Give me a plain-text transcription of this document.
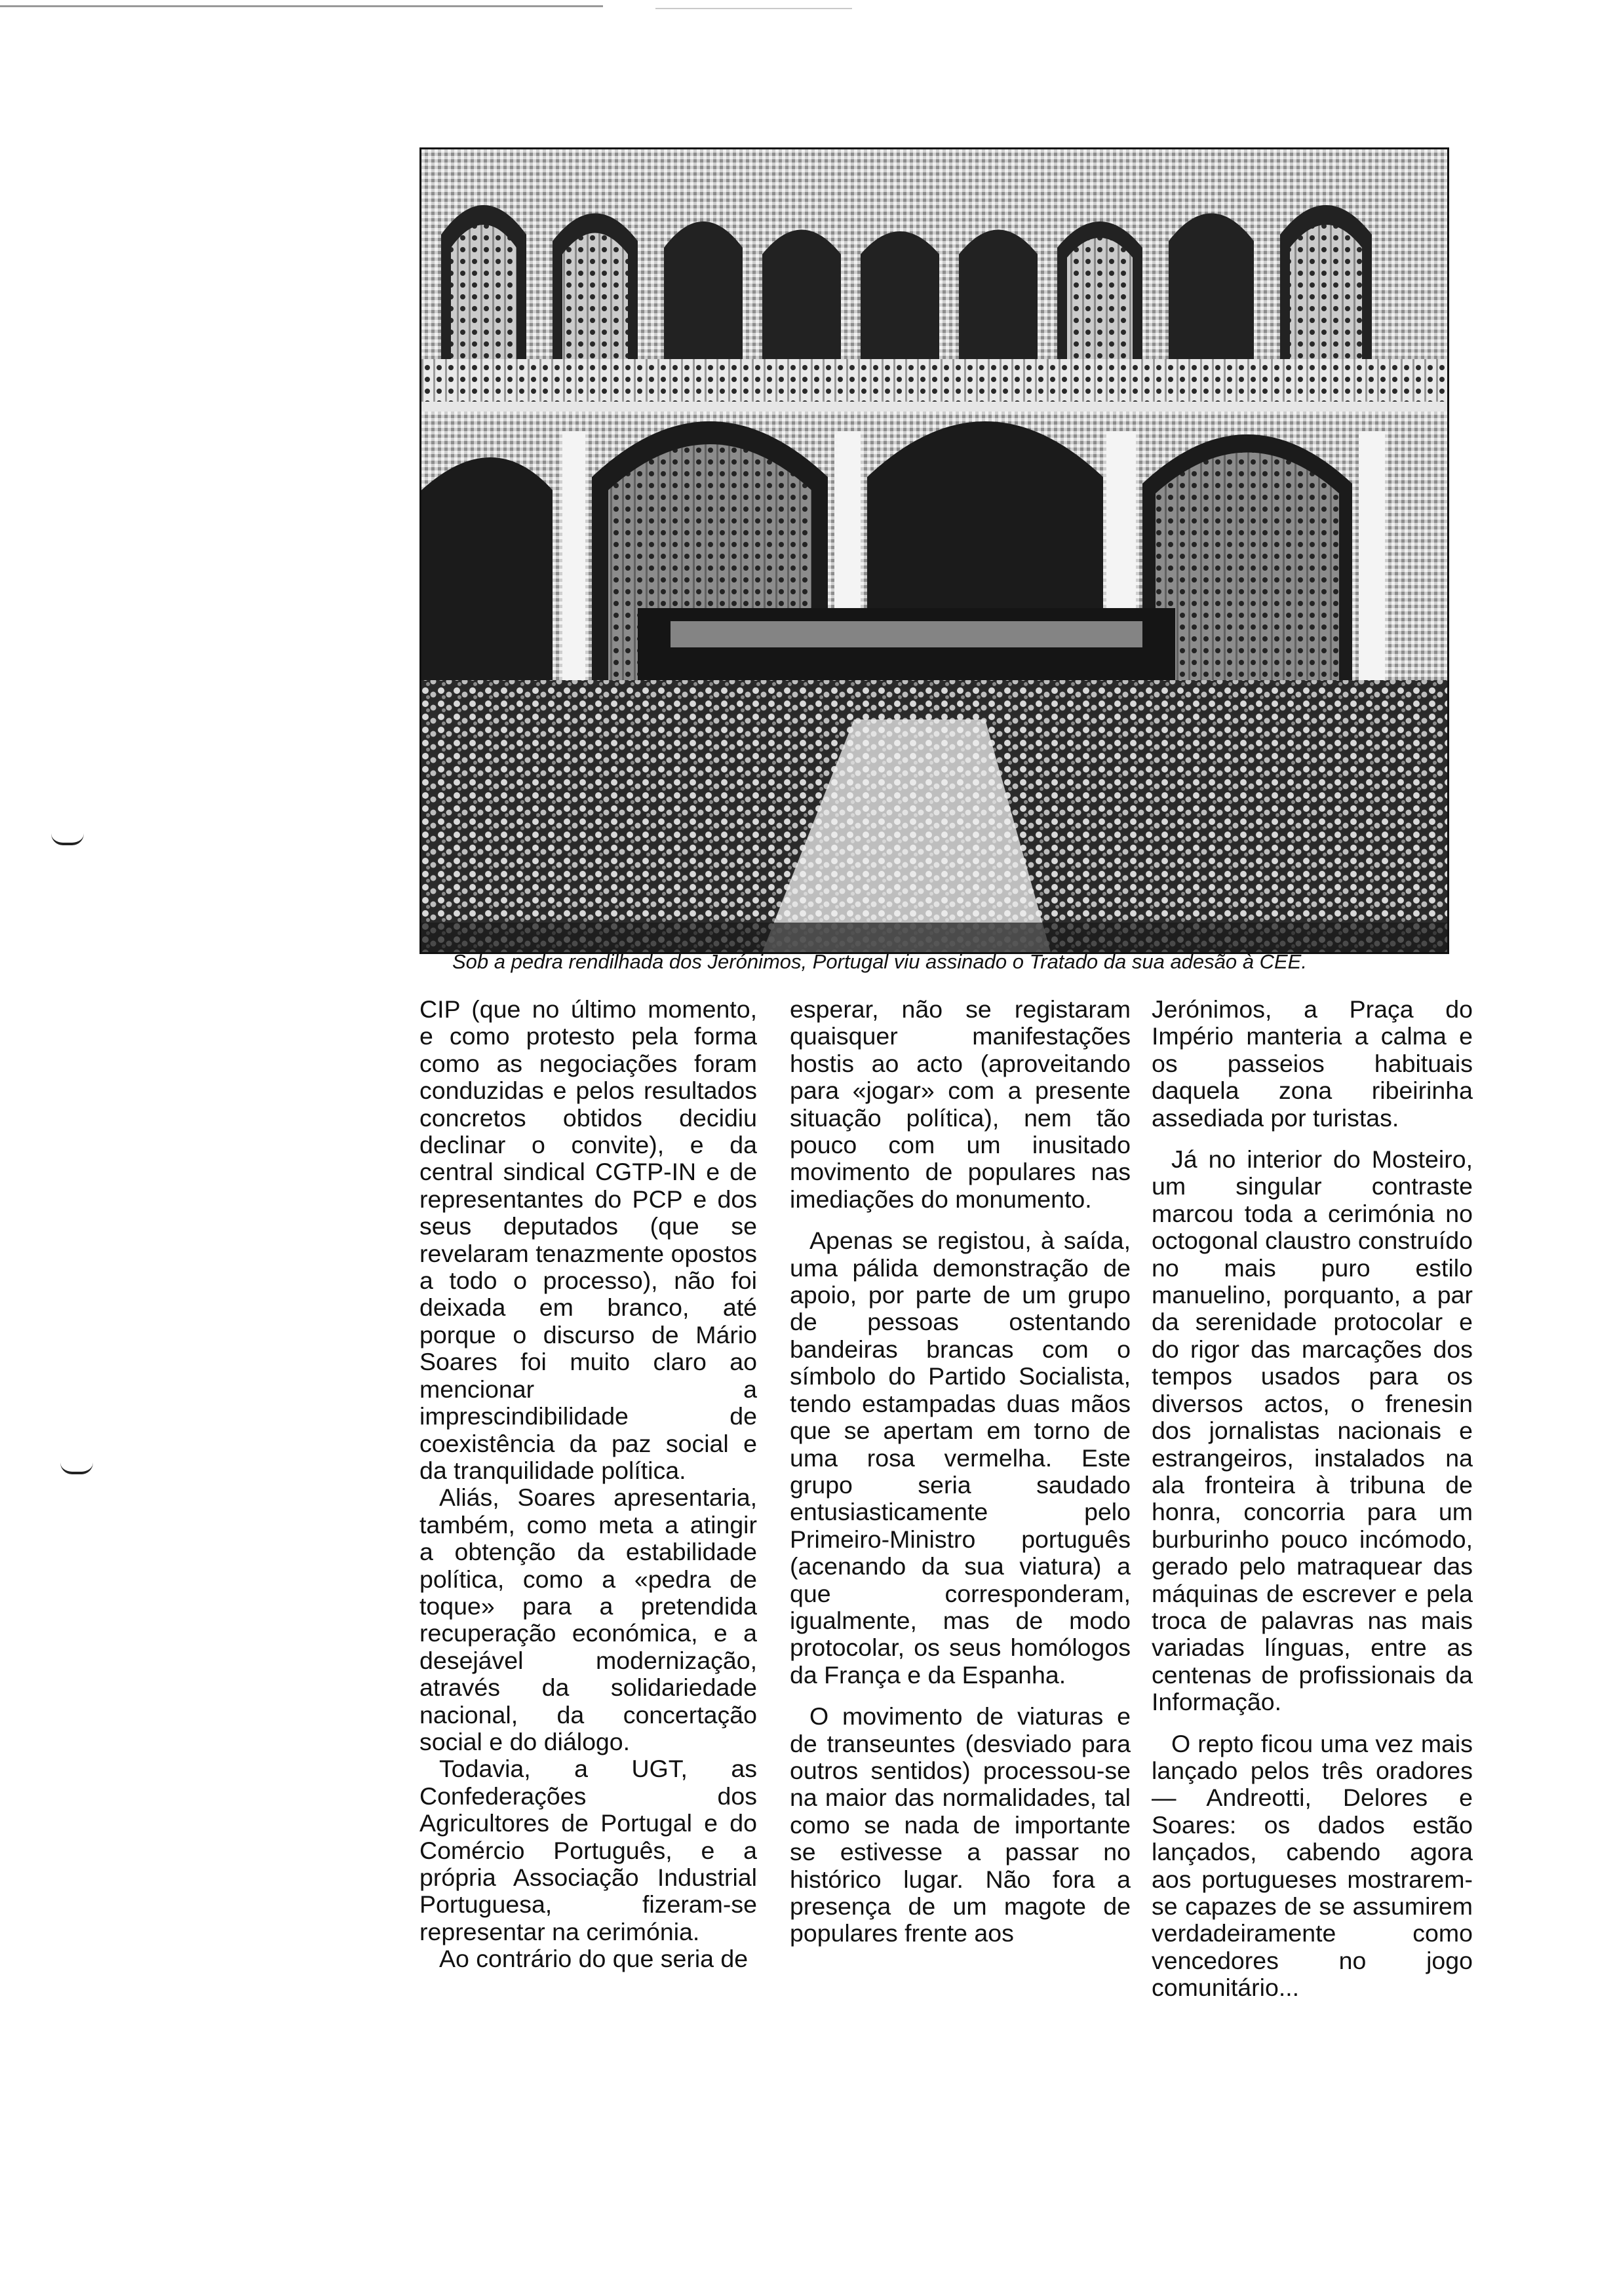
Sob a pedra rendilhada dos Jerónimos, Portugal viu assinado o Tratado da sua adesão à CEE.

CIP (que no último momento, e como protesto pela forma como as negociações foram conduzidas e pelos resultados concretos obtidos decidiu declinar o convite), e da central sindical CGTP-IN e de representantes do PCP e dos seus deputados (que se revelaram tenazmente opostos a todo o processo), não foi deixada em branco, até porque o discurso de Mário Soares foi muito claro ao mencionar a imprescindibilidade de coexistência da paz social e da tranquilidade política.

Aliás, Soares apresentaria, também, como meta a atingir a obtenção da estabilidade política, como a «pedra de toque» para a pretendida recuperação económica, e a desejável modernização, através da solidariedade nacional, da concertação social e do diálogo.

Todavia, a UGT, as Confederações dos Agricultores de Portugal e do Comércio Português, e a própria Associação Industrial Portuguesa, fizeram-se representar na cerimónia.

Ao contrário do que seria de

esperar, não se registaram quaisquer manifestações hostis ao acto (aproveitando para «jogar» com a presente situação política), nem tão pouco com um inusitado movimento de populares nas imediações do monumento.

Apenas se registou, à saída, uma pálida demonstração de apoio, por parte de um grupo de pessoas ostentando bandeiras brancas com o símbolo do Partido Socialista, tendo estampadas duas mãos que se apertam em torno de uma rosa vermelha. Este grupo seria saudado entusiasticamente pelo Primeiro-Ministro português (acenando da sua viatura) a que corresponderam, igualmente, mas de modo protocolar, os seus homólogos da França e da Espanha.

O movimento de viaturas e de transeuntes (desviado para outros sentidos) processou-se na maior das normalidades, tal como se nada de importante se estivesse a passar no histórico lugar. Não fora a presença de um magote de populares frente aos

Jerónimos, a Praça do Império manteria a calma e os passeios habituais daquela zona ribeirinha assediada por turistas.

Já no interior do Mosteiro, um singular contraste marcou toda a cerimónia no octogonal claustro construído no mais puro estilo manuelino, porquanto, a par da serenidade protocolar e do rigor das marcações dos tempos usados para os diversos actos, o frenesin dos jornalistas nacionais e estrangeiros, instalados na ala fronteira à tribuna de honra, concorria para um burburinho pouco incómodo, gerado pelo matraquear das máquinas de escrever e pela troca de palavras nas mais variadas línguas, entre as centenas de profissionais da Informação.

O repto ficou uma vez mais lançado pelos três oradores — Andreotti, Delores e Soares: os dados estão lançados, cabendo agora aos portugueses mostrarem-se capazes de se assumirem verdadeiramente como vencedores no jogo comunitário...
